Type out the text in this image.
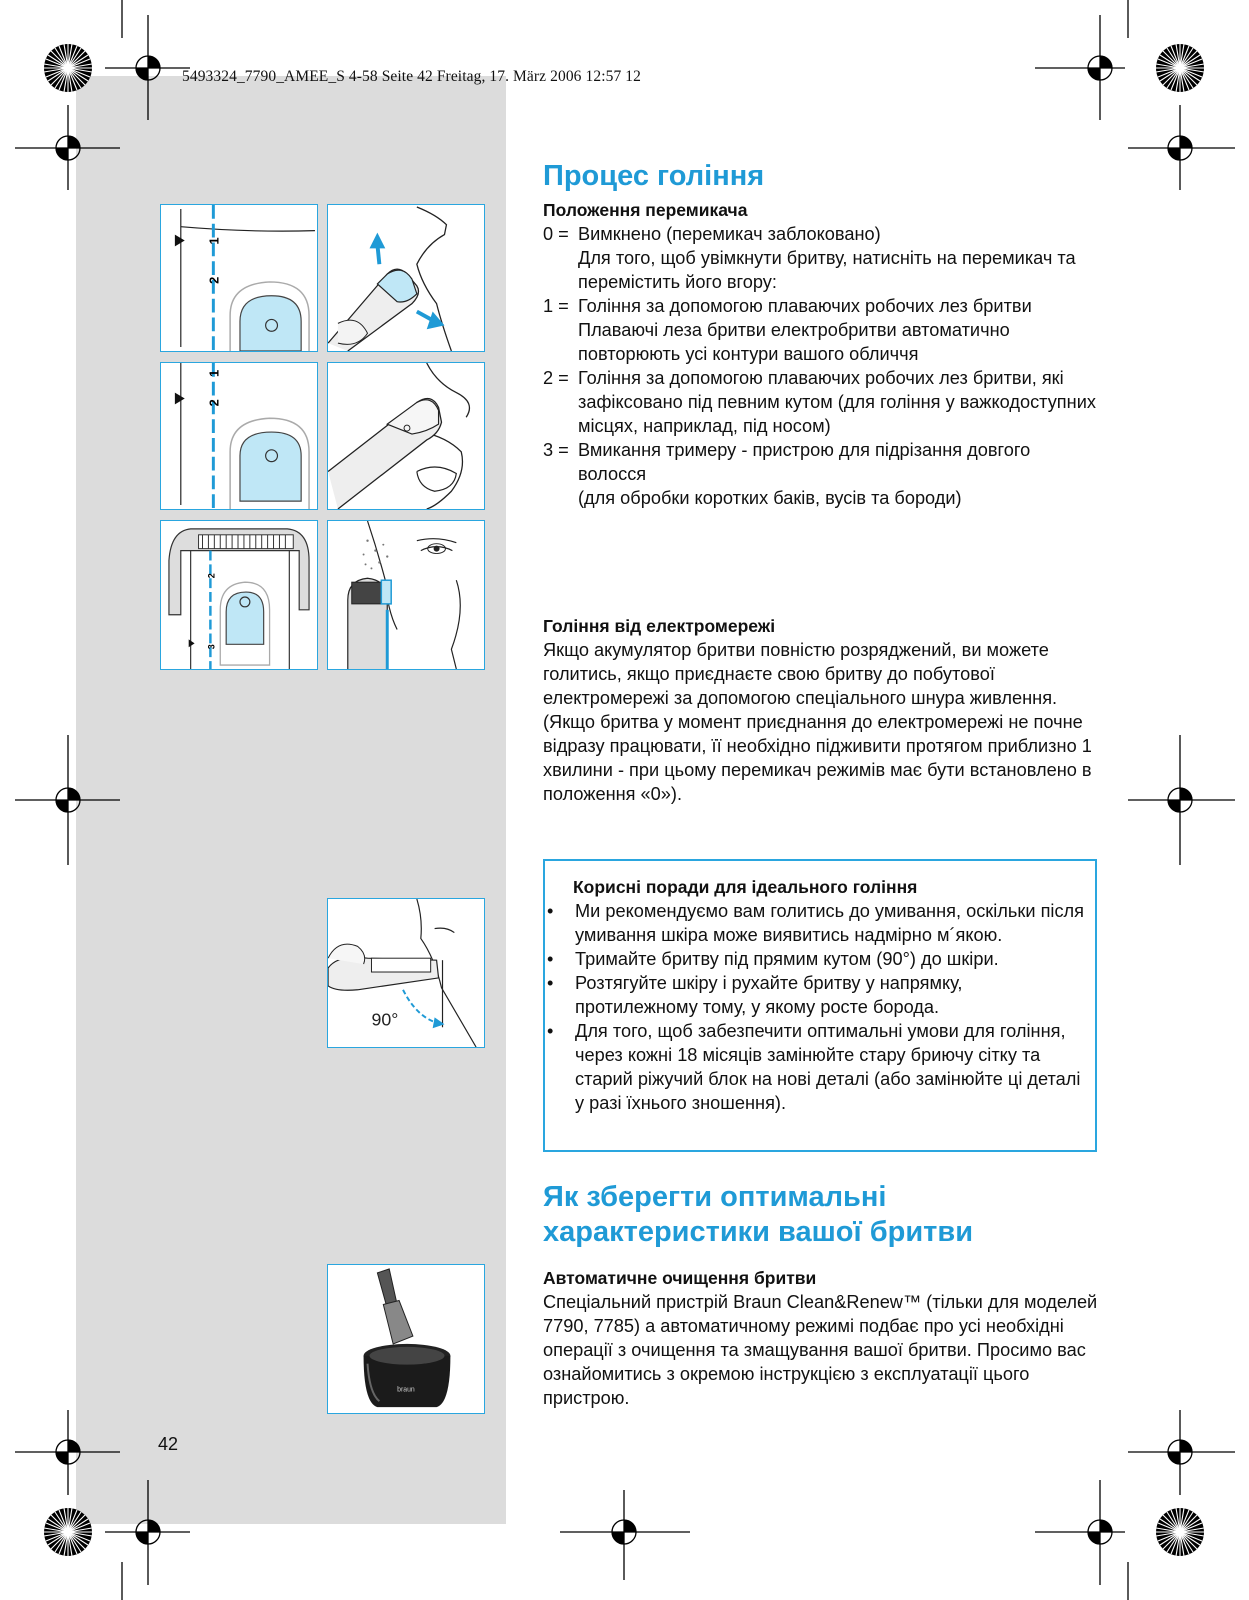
5493324_7790_AMEE_S 4-58 Seite 42 Freitag, 17. März 2006 12:57 12
1
2
1
2
2
3
90°
braun
Процес гоління
Положення перемикача
0 = Вимкнено (перемикач заблоковано)
Для того, щоб увімкнути бритву, натисніть на перемикач та перемістить його вгору:
1 = Гоління за допомогою плаваючих робочих лез бритви
Плаваючі леза бритви електробритви автоматично повторюють усі контури вашого обличчя
2 = Гоління за допомогою плаваючих робочих лез бритви, які зафіксовано під певним кутом (для гоління у важкодоступних місцях, наприклад, під носом)
3 = Вмикання тримеру - пристрою для підрізання довгого волосся
(для обробки коротких баків, вусів та бороди)
Гоління від електромережі
Якщо акумулятор бритви повністю розряджений, ви можете голитись, якщо приєднаєте свою бритву до побутової електромережі за допомогою спеціального шнура живлення.
(Якщо бритва у момент приєднання до електромережі не почне відразу працювати, її необхідно підживити протягом приблизно 1 хвилини - при цьому перемикач режимів має бути встановлено в положення «0»).
Корисні поради для ідеального гоління
•	Ми рекомендуємо вам голитись до умивання, оскільки після умивання шкіра може виявитись надмірно м´якою.
•	Тримайте бритву під прямим кутом (90°) до шкіри.
•	Розтягуйте шкіру і рухайте бритву у напрямку, протилежному тому, у якому росте борода.
•	Для того, щоб забезпечити оптимальні умови для гоління, через кожні 18 місяців замінюйте стару бриючу сітку та старий ріжучий блок на нові деталі (або замінюйте ці деталі у разі їхнього зношення).
Як зберегти оптимальні характеристики вашої бритви
Автоматичне очищення бритви
Спеціальний пристрій Braun Clean&Renew™ (тільки для моделей 7790, 7785) а автоматичному режимі подбає про усі необхідні операції з очищення та змащування вашої бритви. Просимо вас ознайомитись з окремою інструкцією з експлуатації цього пристрою.
42
